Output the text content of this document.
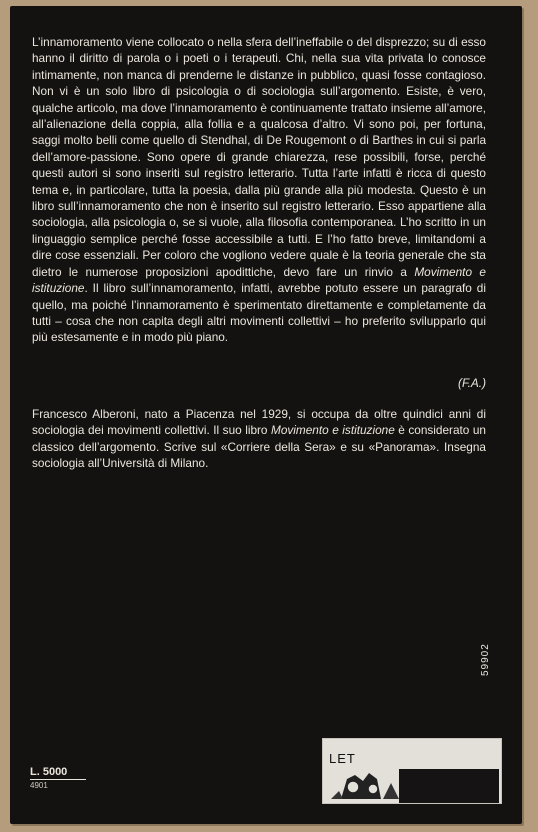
L’innamoramento viene collocato o nella sfera dell’ineffabile o del disprezzo; su di esso hanno il diritto di parola o i poeti o i terapeuti. Chi, nella sua vita privata lo conosce intimamente, non manca di prenderne le distanze in pubblico, quasi fosse contagioso. Non vi è un solo libro di psicologia o di sociologia sull’argomento. Esiste, è vero, qualche articolo, ma dove l’innamoramento è continuamente trattato insieme all’amore, all’alienazione della coppia, alla follia e a qualcosa d’altro. Vi sono poi, per fortuna, saggi molto belli come quello di Stendhal, di De Rougemont o di Barthes in cui si parla dell’amore-passione. Sono opere di grande chiarezza, rese possibili, forse, perché questi autori si sono inseriti sul registro letterario. Tutta l’arte infatti è ricca di questo tema e, in particolare, tutta la poesia, dalla più grande alla più modesta. Questo è un libro sull’innamoramento che non è inserito sul registro letterario. Esso appartiene alla sociologia, alla psicologia o, se si vuole, alla filosofia contemporanea. L’ho scritto in un linguaggio semplice perché fosse accessibile a tutti. E l’ho fatto breve, limitandomi a dire cose essenziali. Per coloro che vogliono vedere quale è la teoria generale che sta dietro le numerose proposizioni apodittiche, devo fare un rinvio a Movimento e istituzione. Il libro sull’innamoramento, infatti, avrebbe potuto essere un paragrafo di quello, ma poiché l’innamoramento è sperimentato direttamente e completamente da tutti – cosa che non capita degli altri movimenti collettivi – ho preferito svilupparlo qui più estesamente e in modo più piano.

(F.A.)

Francesco Alberoni, nato a Piacenza nel 1929, si occupa da oltre quindici anni di sociologia dei movimenti collettivi. Il suo libro Movimento e istituzione è considerato un classico dell’argomento. Scrive sul «Corriere della Sera» e su «Panorama». Insegna sociologia all’Università di Milano.

59902
LET
L. 5000
4901
